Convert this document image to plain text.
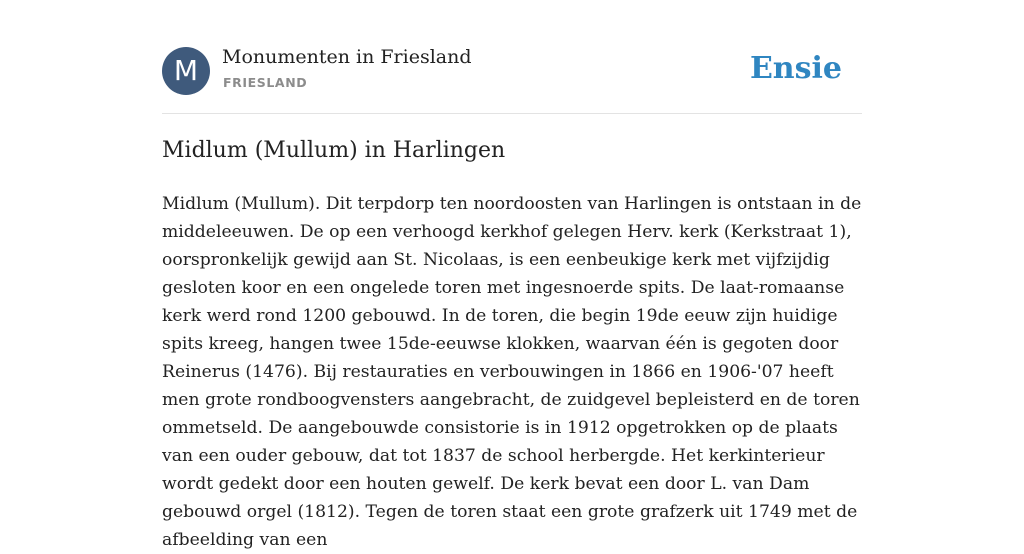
M	Monumenten in Friesland
FRIESLAND	Ensie
Midlum (Mullum) in Harlingen

Midlum (Mullum). Dit terpdorp ten noordoosten van Harlingen is ontstaan in de middeleeuwen. De op een verhoogd kerkhof gelegen Herv. kerk (Kerkstraat 1), oorspronkelijk gewijd aan St. Nicolaas, is een eenbeukige kerk met vijfzijdig gesloten koor en een ongelede toren met ingesnoerde spits. De laat-romaanse kerk werd rond 1200 gebouwd. In de toren, die begin 19de eeuw zijn huidige spits kreeg, hangen twee 15de-eeuwse klokken, waarvan één is gegoten door Reinerus (1476). Bij restauraties en verbouwingen in 1866 en 1906-'07 heeft men grote rondboogvensters aangebracht, de zuidgevel bepleisterd en de toren ommetseld. De aangebouwde consistorie is in 1912 opgetrokken op de plaats van een ouder gebouw, dat tot 1837 de school herbergde. Het kerkinterieur wordt gedekt door een houten gewelf. De kerk bevat een door L. van Dam gebouwd orgel (1812). Tegen de toren staat een grote grafzerk uit 1749 met de afbeelding van een
